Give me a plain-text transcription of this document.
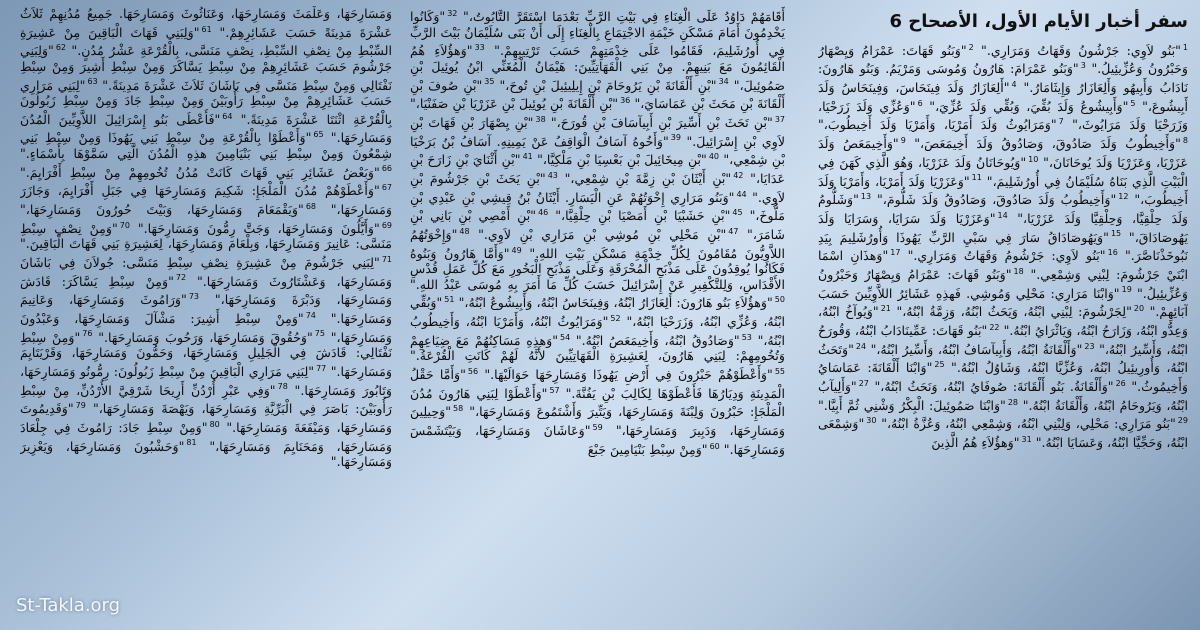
سفر أخبار الأيام الأول، الأصحاح 6
$^1$"بَنُو لاَوِي: جَرْشُونُ وَقَهَاتُ وَمَرَارِي." $^2$"وَبَنُو قَهَاتَ: عَمْرَامُ وَيِصْهَارُ وَحَبْرُونُ وَعُزِّيئِيلُ." $^3$"وَبَنُو عَمْرَامَ: هَارُونُ وَمُوسَى وَمَرْيَمُ. وَبَنُو هَارُونَ: نَادَابُ وَأَبِيهُو وَأَلِعَازَارُ وَإِيثَامَارُ." $^4$"أَلِعَازَارُ وَلَدَ فِينَحَاسَ، وَفِينَحَاسُ وَلَدَ أَبِيشُوعَ،" $^5$"وَأَبِيشُوعُ وَلَدَ بُقِّيَ، وَبُقِّي وَلَدَ عُزِّيَ،" $^6$"وَعُزِّي وَلَدَ زَرَحْيَا، وَزَرَحْيَا وَلَدَ مَرَايُوثَ،" $^7$"وَمَرَايُوثُ وَلَدَ أَمَرْيَا، وَأَمَرْيَا وَلَدَ أَخِيطُوبَ،" $^8$"وَأَخِيطُوبُ وَلَدَ صَادُوقَ، وَصَادُوقُ وَلَدَ أَخِيمَعَصَ،" $^9$"وَأَخِيمَعَصُ وَلَدَ عَزَرْيَا، وَعَزَرْيَا وَلَدَ يُوحَانَانَ،" $^{10}$"وَيُوحَانَانُ وَلَدَ عَزَرْيَا، وَهُوَ الَّذِي كَهَنَ فِي الْبَيْتِ الَّذِي بَنَاهُ سُلَيْمَانُ فِي أُورُشَلِيمَ،" $^{11}$"وَعَزَرْيَا وَلَدَ أَمَرْيَا، وَأَمَرْيَا وَلَدَ أَخِيطُوبَ،" $^{12}$"وَأَخِيطُوبُ وَلَدَ صَادُوقَ، وَصَادُوقُ وَلَدَ شَلُّومَ،" $^{13}$"وَشَلُّومُ وَلَدَ حِلْقِيَّا، وَحِلْقِيَّا وَلَدَ عَزَرْيَا،" $^{14}$"وَعَزَرْيَا وَلَدَ سَرَايَا، وَسَرَايَا وَلَدَ يَهُوصَادَاقَ،" $^{15}$"وَيَهُوصَادَاقُ سَارَ فِي سَبْيِ الرَّبِّ يَهُوذَا وَأُورُشَلِيمَ بِيَدِ نَبُوخَذْنَاصَّرَ." $^{16}$"بَنُو لاَوِي: جَرْشُومُ وَقَهَاتُ وَمَرَارِي." $^{17}$"وَهذَانِ اسْمَا ابْنَيْ جَرْشُومَ: لِبْنِي وَشِمْعِي." $^{18}$"وَبَنُو قَهَاتَ: عَمْرَامُ وَيِصْهَارُ وَحَبْرُونُ وَعُزِّيئِيلُ." $^{19}$"وَابْنَا مَرَارِي: مَحْلِي وَمُوشِي. فَهذِهِ عَشَائِرُ اللاَّوِيِّينَ حَسَبَ آبَائِهِمْ." $^{20}$"لِجَرْشُومَ: لِبْنِي ابْنُهُ، وَيَحَثُ ابْنُهُ، وَزِمَّةُ ابْنُهُ،" $^{21}$"وَيُوآخُ ابْنُهُ، وَعِدُّو ابْنُهُ، وَزَارَحُ ابْنُهُ، وَيَاثْرَايُ ابْنُهُ." $^{22}$"بَنُو قَهَاتَ: عَمِّينَادَابُ ابْنُهُ، وَقُورَحُ ابْنُهُ، وَأَسِّيرُ ابْنُهُ،" $^{23}$"وَأَلْقَانَةُ ابْنُهُ، وَأَبِيآسَافُ ابْنُهُ، وَأَسِّيرُ ابْنُهُ،" $^{24}$"وَتَحَثُ ابْنُهُ، وَأُورِيئِيلُ ابْنُهُ، وَعُزِّيَّا ابْنُهُ، وَشَاوُلُ ابْنُهُ." $^{25}$"وَابْنَا أَلْقَانَةَ: عَمَاسَايُ وَأَخِيمُوثُ." $^{26}$"وَأَلْقَانَةُ. بَنُو أَلْقَانَةَ: صُوفَايُ ابْنُهُ، وَنَحَثُ ابْنُهُ،" $^{27}$"وَأَلِيآبُ ابْنُهُ، وَيَرُوحَامُ ابْنُهُ، وَأَلْقَانَةُ ابْنُهُ." $^{28}$"وَابْنَا صَمُوئِيلَ: الْبِكْرُ وَشْنِي ثُمَّ أَبِيَّا." $^{29}$"بَنُو مَرَارِي: مَحْلِي، وَلِبْنِي ابْنُهُ، وَشِمْعِي ابْنُهُ، وَعُزَّةُ ابْنُهُ،" $^{30}$"وَشِمْعَى ابْنُهُ، وَحَجِّيَّا ابْنُهُ، وَعَسَايَا ابْنُهُ." $^{31}$"وَهؤُلاَءِ هُمُ الَّذِينَ
أَقَامَهُمْ دَاوُدُ عَلَى الْغِنَاءِ فِي بَيْتِ الرَّبِّ بَعْدَمَا اسْتَقَرَّ التَّابُوتُ،" $^{32}$"وَكَانُوا يَخْدِمُونَ أَمَامَ مَسْكَنِ خَيْمَةِ الاجْتِمَاعِ بِالْغِنَاءِ إِلَى أَنْ بَنَى سُلَيْمَانُ بَيْتَ الرَّبِّ فِي أُورُشَلِيمَ، فَقَامُوا عَلَى خِدْمَتِهِمْ حَسَبَ تَرْتِيبِهِمْ." $^{33}$"وَهؤُلاَءِ هُمُ الْقَائِمُونَ مَعَ بَنِيهِمْ. مِنْ بَنِي الْقَهَاتِيِّينَ: هَيْمَانُ الْمُغَنِّي ابْنُ يُوئِيلَ بْنِ صَمُوئِيلَ،" $^{34}$"بْنِ أَلْقَانَةَ بْنِ يَرُوحَامَ بْنِ إِيلِيئِيلَ بْنِ تُوحَ،" $^{35}$"بْنِ صُوفَ بْنِ أَلْقَانَةَ بْنِ مَحَثَ بْنِ عَمَاسَايَ،" $^{36}$"بْنِ أَلْقَانَةَ بْنِ يُوئِيلَ بْنِ عَزَرْيَا بْنِ صَفَنْيَا،" $^{37}$"بْنِ تَحَثَ بْنِ أَسِّيرَ بْنِ أَبِيآسَافَ بْنِ قُورَحَ،" $^{38}$"بْنِ يِصْهَارَ بْنِ قَهَاتَ بْنِ لاَوِي بْنِ إِسْرَائِيلَ." $^{39}$"وَأَخُوهُ آسَافُ الْوَاقِفُ عَنْ يَمِينِهِ. آسَافُ بْنُ بَرَخْيَا بْنِ شِمْعِي،" $^{40}$"بْنِ مِيخَائِيلَ بْنِ بَعْسِيَا بْنِ مَلْكِيَّا،" $^{41}$"بْنِ أَثْنَايَ بْنِ زَارَحَ بْنِ عَدَايَا،" $^{42}$"بْنِ أَيْثَانَ بْنِ زِمَّةَ بْنِ شِمْعِي،" $^{43}$"بْنِ يَحَثَ بْنِ جَرْشُومَ بْنِ لاَوِي." $^{44}$"وَبَنُو مَرَارِي إِخْوَتُهُمْ عَنِ الْيَسَارِ. أَيْثَانُ بْنُ قِيشِي بْنِ عَبْدِي بْنِ مَلُّوخَ،" $^{45}$"بْنِ حَشَبْيَا بْنِ أَمَصْيَا بْنِ حِلْقِيَّا،" $^{46}$"بْنِ أَمْصِي بْنِ بَانِي بْنِ شَامَرَ،" $^{47}$"بْنِ مَحْلِي بْنِ مُوشِي بْنِ مَرَارِي بْنِ لاَوِي." $^{48}$"وَإِخْوَتُهُمُ اللاَّوِيُّونَ مُقَامُونَ لِكُلِّ خِدْمَةِ مَسْكَنِ بَيْتِ اللهِ." $^{49}$"وَأَمَّا هَارُونُ وَبَنُوهُ فَكَانُوا يُوقِدُونَ عَلَى مَذْبَحِ الْمُحْرَقَةِ وَعَلَى مَذْبَحِ الْبَخُورِ مَعَ كُلِّ عَمَلِ قُدْسِ الأَقْدَاسِ، وَلِلتَّكْفِيرِ عَنْ إِسْرَائِيلَ حَسَبَ كُلِّ مَا أَمَرَ بِهِ مُوسَى عَبْدُ اللهِ." $^{50}$"وَهؤُلاَءِ بَنُو هَارُونَ: أَلِعَازَارُ ابْنُهُ، وَفِينَحَاسُ ابْنُهُ، وَأَبِيشُوعُ ابْنُهُ،" $^{51}$"وَبُقِّي ابْنُهُ، وَعُزِّي ابْنُهُ، وَزَرَحْيَا ابْنُهُ،" $^{52}$"وَمَرَايُوثُ ابْنُهُ، وَأَمَرْيَا ابْنُهُ، وَأَخِيطُوبُ ابْنُهُ،" $^{53}$"وَصَادُوقُ ابْنُهُ، وَأَخِيمَعَصُ ابْنُهُ." $^{54}$"وَهذِهِ مَسَاكِنُهُمْ مَعَ ضِيَاعِهِمْ وَتُخُومِهِمْ: لِبَنِي هَارُونَ، لِعَشِيرَةِ الْقَهَاتِيِّينَ لأَنَّهُ لَهُمْ كَانَتِ الْقُرْعَةُ." $^{55}$"وَأَعْطَوْهُمْ حَبْرُونَ فِي أَرْضِ يَهُوذَا وَمَسَارِحَهَا حَوَالَيْهَا." $^{56}$"وَأَمَّا حَقْلُ الْمَدِينَةِ وَدِيَارُهَا فَأَعْطَوْهَا لِكَالِبَ بْنِ يَفُنَّةَ." $^{57}$"وَأَعْطَوْا لِبَنِي هَارُونَ مُدُنَ الْمَلْجَإِ: حَبْرُونَ وَلِبْنَةَ وَمَسَارِحَهَا، وَيَتِّيرَ وَأَشْتَمُوعَ وَمَسَارِحَهَا،" $^{58}$"وَحِيلِينَ وَمَسَارِحَهَا، وَدَبِيرَ وَمَسَارِحَهَا،" $^{59}$"وَعَاشَانَ وَمَسَارِحَهَا، وَبَيْتَشَمْسَ وَمَسَارِحَهَا." $^{60}$"وَمِنْ سِبْطِ بَنْيَامِينَ جَبْعَ
وَمَسَارِحَهَا، وَعَلْمَثَ وَمَسَارِحَهَا، وَعَنَاثُوثَ وَمَسَارِحَهَا. جَمِيعُ مُدُنِهِمْ ثَلاَثُ عَشْرَةَ مَدِينَةً حَسَبَ عَشَائِرِهِمْ." $^{61}$"وَلِبَنِي قَهَاتَ الْبَاقِينَ مِنْ عَشِيرَةِ السِّبْطِ مِنْ نِصْفِ السِّبْطِ، نِصْفِ مَنَسَّى، بِالْقُرْعَةِ عَشْرُ مُدُنٍ." $^{62}$"وَلِبَنِي جَرْشُومَ حَسَبَ عَشَائِرِهِمْ مِنْ سِبْطِ يَسَّاكَرَ وَمِنْ سِبْطِ أَشِيرَ وَمِنْ سِبْطِ نَفْتَالِي وَمِنْ سِبْطِ مَنَسَّى فِي بَاشَانَ ثَلاَثَ عَشْرَةَ مَدِينَةً." $^{63}$"لِبَنِي مَرَارِي حَسَبَ عَشَائِرِهِمْ مِنْ سِبْطِ رَأُوبَيْنَ وَمِنْ سِبْطِ جَادَ وَمِنْ سِبْطِ زَبُولُونَ بِالْقُرْعَةِ اثْنَتَا عَشْرَةَ مَدِينَةً." $^{64}$"فَأَعْطَى بَنُو إِسْرَائِيلَ اللاَّوِيِّينَ الْمُدُنَ وَمَسَارِحَهَا." $^{65}$"وَأَعْطَوْا بِالْقُرْعَةِ مِنْ سِبْطِ بَنِي يَهُوذَا وَمِنْ سِبْطِ بَنِي شِمْعُونَ وَمِنْ سِبْطِ بَنِي بَنْيَامِينَ هذِهِ الْمُدُنَ الَّتِي سَمَّوْهَا بِأَسْمَاءٍ." $^{66}$"وَبَعْضُ عَشَائِرِ بَنِي قَهَاتَ كَانَتْ مُدُنُ تُخُومِهِمْ مِنْ سِبْطِ أَفْرَايِمَ." $^{67}$"وَأَعْطَوْهُمْ مُدُنَ الْمَلْجَإِ: شَكِيمَ وَمَسَارِحَهَا فِي جَبَلِ أَفْرَايِمَ، وَجَازَرَ وَمَسَارِحَهَا،" $^{68}$"وَيَقْمَعَامَ وَمَسَارِحَهَا، وَبَيْتَ حُورُونَ وَمَسَارِحَهَا،" $^{69}$"وَأَيَّلُونَ وَمَسَارِحَهَا، وَجَتَّ رِمُّونَ وَمَسَارِحَهَا." $^{70}$"وَمِنْ نِصْفِ سِبْطِ مَنَسَّى: عَانِيرَ وَمَسَارِحَهَا، وَبِلْعَامَ وَمَسَارِحَهَا، لِعَشِيرَةِ بَنِي قَهَاتَ الْبَاقِينَ." $^{71}$"لِبَنِي جَرْشُومَ مِنْ عَشِيرَةِ نِصْفِ سِبْطِ مَنَسَّى: جُولاَنَ فِي بَاشَانَ وَمَسَارِحَهَا، وَعَشْتَارُوثَ وَمَسَارِحَهَا." $^{72}$"وَمِنْ سِبْطِ يَسَّاكَرَ: قَادَشَ وَمَسَارِحَهَا، وَدَبْرَةَ وَمَسَارِحَهَا،" $^{73}$"وَرَامُوثَ وَمَسَارِحَهَا، وَعَانِيمَ وَمَسَارِحَهَا." $^{74}$"وَمِنْ سِبْطِ أَشِيرَ: مَشْآلَ وَمَسَارِحَهَا، وَعَبْدُونَ وَمَسَارِحَهَا،" $^{75}$"وَحُقُوقَ وَمَسَارِحَهَا، وَرَحُوبَ وَمَسَارِحَهَا." $^{76}$"وَمِنْ سِبْطِ نَفْتَالِي: قَادَشَ فِي الْجَلِيلِ وَمَسَارِحَهَا، وَحَمُّونَ وَمَسَارِحَهَا، وَقَرْيَتَايِمَ وَمَسَارِحَهَا." $^{77}$"لِبَنِي مَرَارِي الْبَاقِينَ مِنْ سِبْطِ زَبُولُونَ: رِمُّونُو وَمَسَارِحَهَا، وَتَابُورَ وَمَسَارِحَهَا." $^{78}$"وَفِي عَبْرِ أُرْدُنِّ أَرِيحَا شَرْقِيَّ الأُرْدُنِّ، مِنْ سِبْطِ رَأُوبَيْنَ: بَاصَرَ فِي الْبَرِّيَّةِ وَمَسَارِحَهَا، وَيَهْصَةَ وَمَسَارِحَهَا،" $^{79}$"وَقَدِيمُوتَ وَمَسَارِحَهَا، وَمَيْفَعَةَ وَمَسَارِحَهَا." $^{80}$"وَمِنْ سِبْطِ جَادَ: رَامُوثَ فِي جِلْعَادَ وَمَسَارِحَهَا، وَمَحَنَايِمَ وَمَسَارِحَهَا،" $^{81}$"وَحَشْبُونَ وَمَسَارِحَهَا، وَيَعْزِيرَ وَمَسَارِحَهَا."
St-Takla.org
